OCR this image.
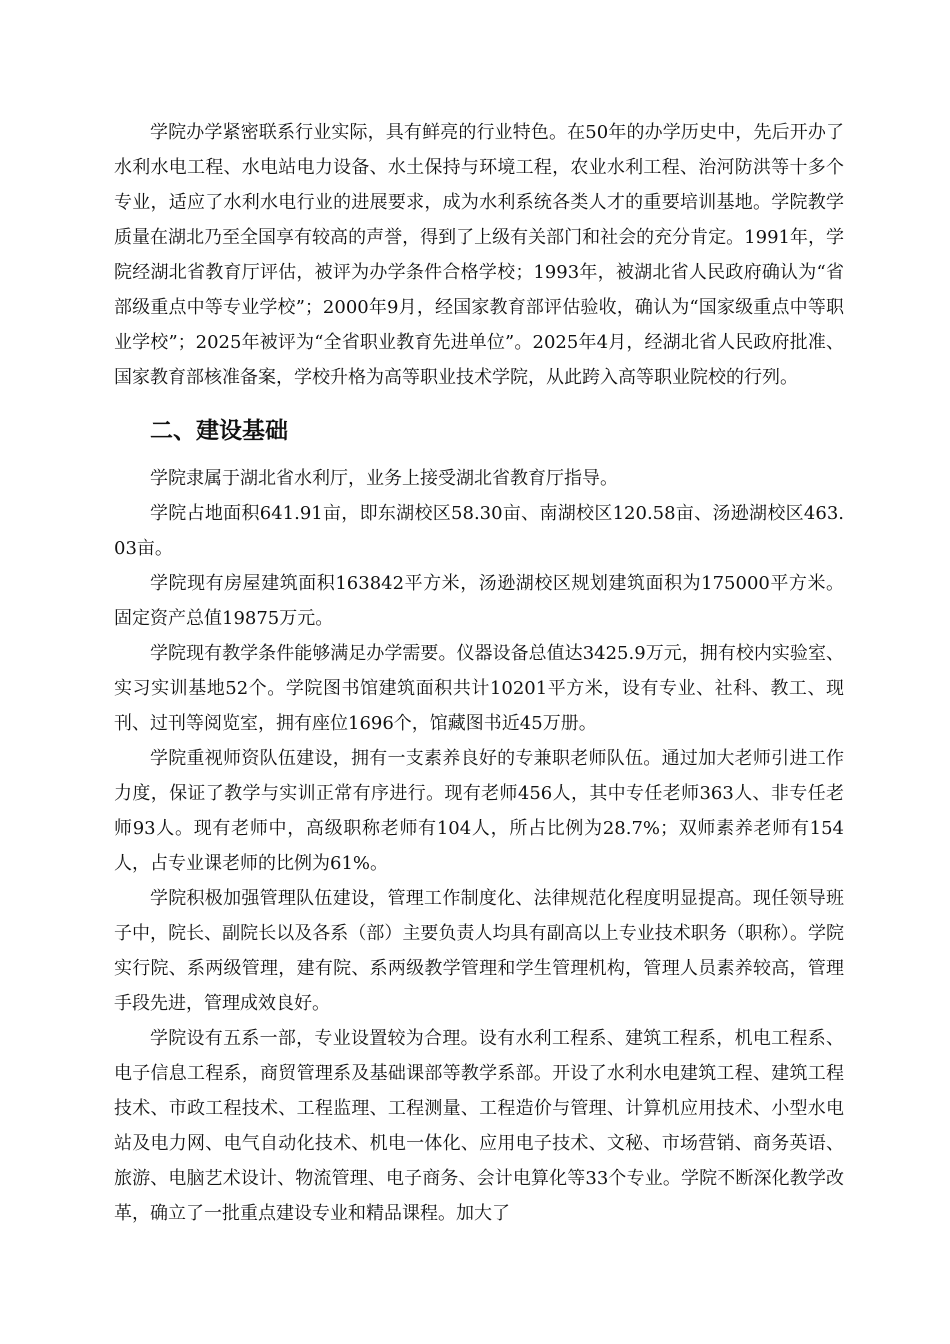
学院办学紧密联系行业实际，具有鲜亮的行业特色。在50年的办学历史中，先后开办了水利水电工程、水电站电力设备、水土保持与环境工程，农业水利工程、治河防洪等十多个专业，适应了水利水电行业的进展要求，成为水利系统各类人才的重要培训基地。学院教学质量在湖北乃至全国享有较高的声誉，得到了上级有关部门和社会的充分肯定。1991年，学院经湖北省教育厅评估，被评为办学条件合格学校；1993年，被湖北省人民政府确认为“省部级重点中等专业学校”；2000年9月，经国家教育部评估验收，确认为“国家级重点中等职业学校”；2025年被评为“全省职业教育先进单位”。2025年4月，经湖北省人民政府批准、国家教育部核准备案，学校升格为高等职业技术学院，从此跨入高等职业院校的行列。

二、建设基础

学院隶属于湖北省水利厅，业务上接受湖北省教育厅指导。

学院占地面积641.91亩，即东湖校区58.30亩、南湖校区120.58亩、汤逊湖校区463.03亩。

学院现有房屋建筑面积163842平方米，汤逊湖校区规划建筑面积为175000平方米。固定资产总值19875万元。

学院现有教学条件能够满足办学需要。仪器设备总值达3425.9万元，拥有校内实验室、实习实训基地52个。学院图书馆建筑面积共计10201平方米，设有专业、社科、教工、现刊、过刊等阅览室，拥有座位1696个，馆藏图书近45万册。

学院重视师资队伍建设，拥有一支素养良好的专兼职老师队伍。通过加大老师引进工作力度，保证了教学与实训正常有序进行。现有老师456人，其中专任老师363人、非专任老师93人。现有老师中，高级职称老师有104人，所占比例为28.7%；双师素养老师有154人，占专业课老师的比例为61%。

学院积极加强管理队伍建设，管理工作制度化、法律规范化程度明显提高。现任领导班子中，院长、副院长以及各系（部）主要负责人均具有副高以上专业技术职务（职称）。学院实行院、系两级管理，建有院、系两级教学管理和学生管理机构，管理人员素养较高，管理手段先进，管理成效良好。

学院设有五系一部，专业设置较为合理。设有水利工程系、建筑工程系，机电工程系、电子信息工程系，商贸管理系及基础课部等教学系部。开设了水利水电建筑工程、建筑工程技术、市政工程技术、工程监理、工程测量、工程造价与管理、计算机应用技术、小型水电站及电力网、电气自动化技术、机电一体化、应用电子技术、文秘、市场营销、商务英语、旅游、电脑艺术设计、物流管理、电子商务、会计电算化等33个专业。学院不断深化教学改革，确立了一批重点建设专业和精品课程。加大了
